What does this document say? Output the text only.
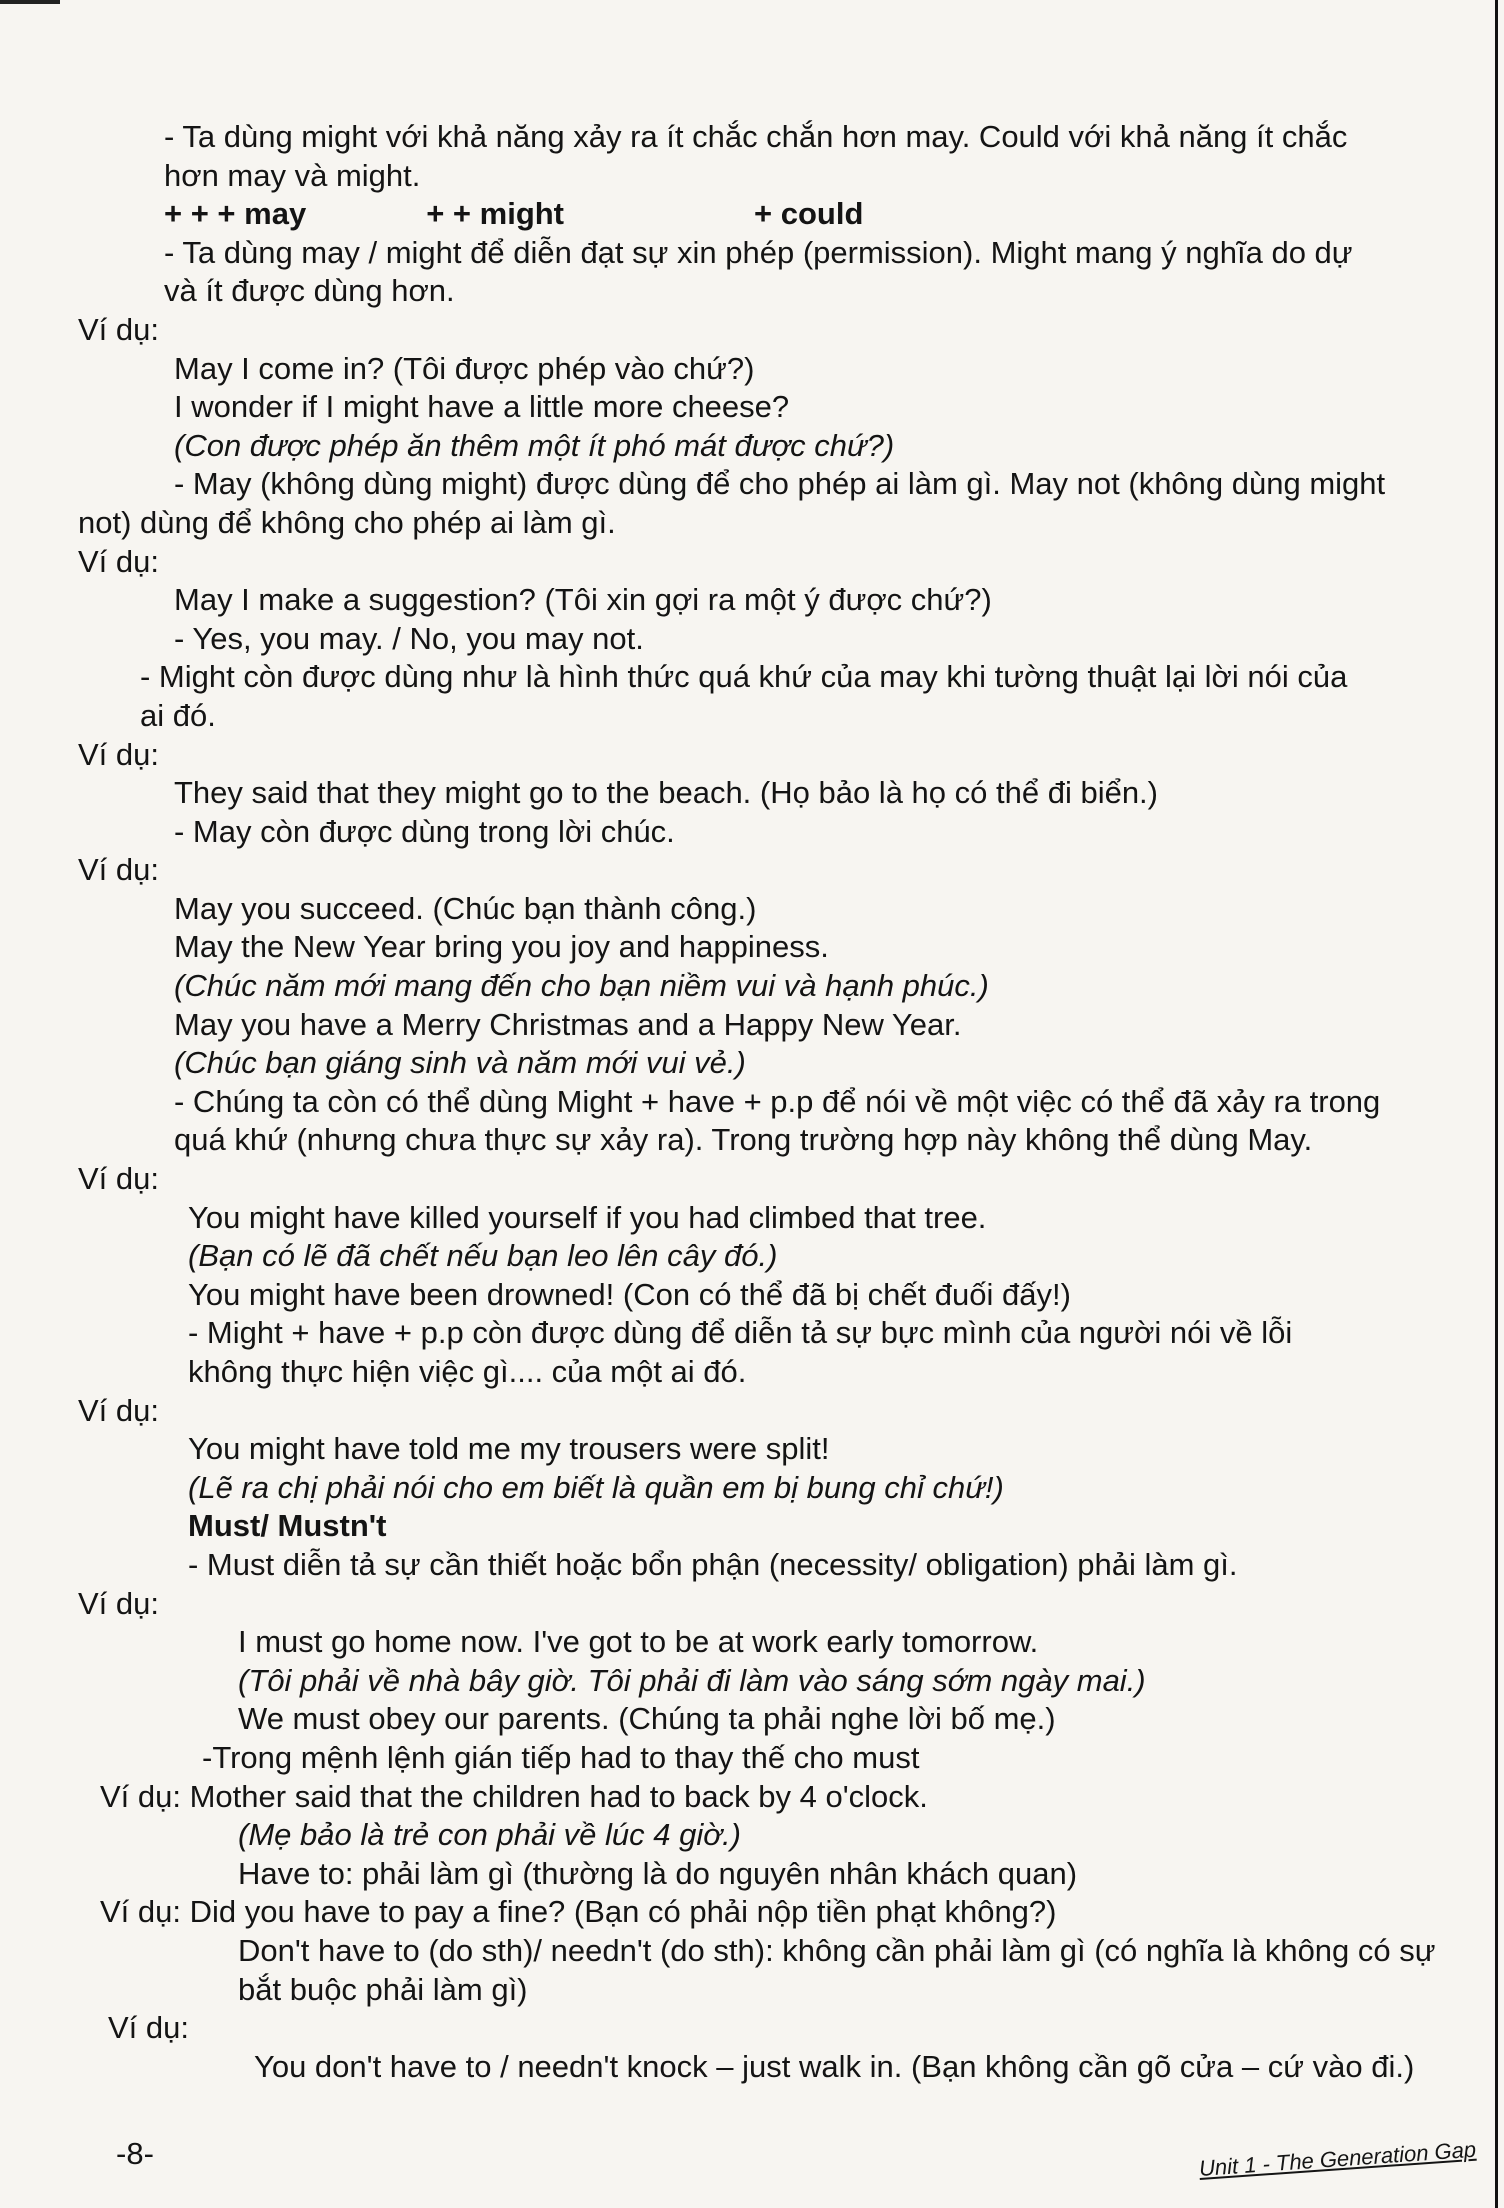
- Ta dùng might với khả năng xảy ra ít chắc chắn hơn may. Could với khả năng ít chắc
hơn may và might.
+ + + may	+ + might	+ could
- Ta dùng may / might để diễn đạt sự xin phép (permission). Might mang ý nghĩa do dự
và ít được dùng hơn.
Ví dụ:
May I come in? (Tôi được phép vào chứ?)
I wonder if I might have a little more cheese?
(Con được phép ăn thêm một ít phó mát được chứ?)
- May (không dùng might) được dùng để cho phép ai làm gì. May not (không dùng might
not) dùng để không cho phép ai làm gì.
Ví dụ:
May I make a suggestion? (Tôi xin gợi ra một ý được chứ?)
- Yes, you may. / No, you may not.
- Might còn được dùng như là hình thức quá khứ của may khi tường thuật lại lời nói của
ai đó.
Ví dụ:
They said that they might go to the beach. (Họ bảo là họ có thể đi biển.)
- May còn được dùng trong lời chúc.
Ví dụ:
May you succeed. (Chúc bạn thành công.)
May the New Year bring you joy and happiness.
(Chúc năm mới mang đến cho bạn niềm vui và hạnh phúc.)
May you have a Merry Christmas and a Happy New Year.
(Chúc bạn giáng sinh và năm mới vui vẻ.)
- Chúng ta còn có thể dùng Might + have + p.p để nói về một việc có thể đã xảy ra trong
quá khứ (nhưng chưa thực sự xảy ra). Trong trường hợp này không thể dùng May.
Ví dụ:
You might have killed yourself if you had climbed that tree.
(Bạn có lẽ đã chết nếu bạn leo lên cây đó.)
You might have been drowned! (Con có thể đã bị chết đuối đấy!)
- Might + have + p.p còn được dùng để diễn tả sự bực mình của người nói về lỗi
không thực hiện việc gì.... của một ai đó.
Ví dụ:
You might have told me my trousers were split!
(Lẽ ra chị phải nói cho em biết là quần em bị bung chỉ chứ!)
Must/ Mustn't
- Must diễn tả sự cần thiết hoặc bổn phận (necessity/ obligation) phải làm gì.
Ví dụ:
I must go home now. I've got to be at work early tomorrow.
(Tôi phải về nhà bây giờ. Tôi phải đi làm vào sáng sớm ngày mai.)
We must obey our parents. (Chúng ta phải nghe lời bố mẹ.)
-Trong mệnh lệnh gián tiếp had to thay thế cho must
Ví dụ: Mother said that the children had to back by 4 o'clock.
(Mẹ bảo là trẻ con phải về lúc 4 giờ.)
Have to: phải làm gì (thường là do nguyên nhân khách quan)
Ví dụ: Did you have to pay a fine? (Bạn có phải nộp tiền phạt không?)
Don't have to (do sth)/ needn't (do sth): không cần phải làm gì (có nghĩa là không có sự
bắt buộc phải làm gì)
Ví dụ:
You don't have to / needn't knock – just walk in. (Bạn không cần gõ cửa – cứ vào đi.)
-8-	Unit 1 - The Generation Gap
